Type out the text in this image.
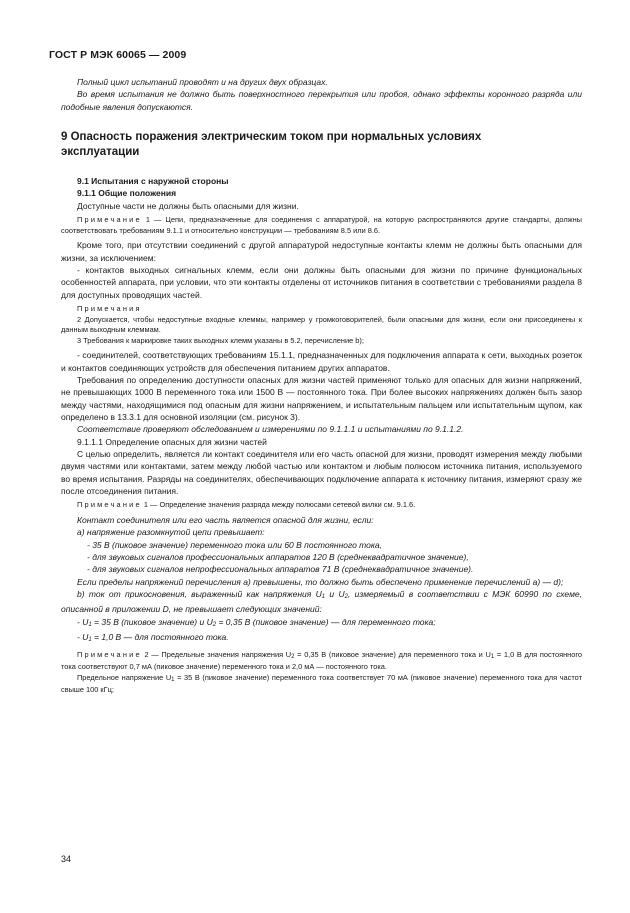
ГОСТ Р МЭК 60065 — 2009

Полный цикл испытаний проводят и на других двух образцах.

Во время испытания не должно быть поверхностного перекрытия или пробоя, однако эффекты коронного разряда или подобные явления допускаются.

9 Опасность поражения электрическим током при нормальных условиях
эксплуатации

9.1 Испытания с наружной стороны

9.1.1 Общие положения

Доступные части не должны быть опасными для жизни.

Примечание 1 — Цепи, предназначенные для соединения с аппаратурой, на которую распространяются другие стандарты, должны соответствовать требованиям 9.1.1 и относительно конструкции — требованиям 8.5 или 8.6.

Кроме того, при отсутствии соединений с другой аппаратурой недоступные контакты клемм не должны быть опасными для жизни, за исключением:

- контактов выходных сигнальных клемм, если они должны быть опасными для жизни по причине функциональных особенностей аппарата, при условии, что эти контакты отделены от источников питания в соответствии с требованиями раздела 8 для доступных проводящих частей.

Примечания

2 Допускается, чтобы недоступные входные клеммы, например у громкоговорителей, были опасными для жизни, если они присоединены к данным выходным клеммам.

3 Требования к маркировке таких выходных клемм указаны в 5.2, перечисление b);

- соединителей, соответствующих требованиям 15.1.1, предназначенных для подключения аппарата к сети, выходных розеток и контактов соединяющих устройств для обеспечения питанием других аппаратов.

Требования по определению доступности опасных для жизни частей применяют только для опасных для жизни напряжений, не превышающих 1000 В переменного тока или 1500 В — постоянного тока. При более высоких напряжениях должен быть зазор между частями, находящимися под опасным для жизни напряжением, и испытательным пальцем или испытательным щупом, как определено в 13.3.1 для основной изоляции (см. рисунок 3).

Соответствие проверяют обследованием и измерениями по 9.1.1.1 и испытаниями по 9.1.1.2.

9.1.1.1 Определение опасных для жизни частей

С целью определить, является ли контакт соединителя или его часть опасной для жизни, проводят измерения между любыми двумя частями или контактами, затем между любой частью или контактом и любым полюсом источника питания, используемого во время испытания. Разряды на соединителях, обеспечивающих подключение аппарата к источнику питания, измеряют сразу же после отсоединения питания.

Примечание 1 — Определение значения разряда между полюсами сетевой вилки см. 9.1.6.

Контакт соединителя или его часть является опасной для жизни, если:

а) напряжение разомкнутой цепи превышает:

- 35 В (пиковое значение) переменного тока или 60 В постоянного тока,

- для звуковых сигналов профессиональных аппаратов 120 В (среднеквадратичное значение),

- для звуковых сигналов непрофессиональных аппаратов 71 В (среднеквадратичное значение).

Если пределы напряжений перечисления а) превышены, то должно быть обеспечено применение перечислений а) — d);

b) ток от прикосновения, выраженный как напряжения $U_1$ и $U_2$, измеряемый в соответствии с МЭК 60990 по схеме, описанной в приложении D, не превышает следующих значений:

- $U_1 = 35$ В (пиковое значение) и $U_2 = 0,35$ В (пиковое значение) — для переменного тока;

- $U_1 = 1,0$ В — для постоянного тока.

Примечание 2 — Предельные значения напряжения $U_2 = 0,35$ В (пиковое значение) для переменного тока и $U_1 = 1,0$ В для постоянного тока соответствуют 0,7 мА (пиковое значение) переменного тока и 2,0 мА — постоянного тока.

Предельное напряжение $U_1 = 35$ В (пиковое значение) переменного тока соответствует 70 мА (пиковое значение) переменного тока для частот свыше 100 кГц;

34
